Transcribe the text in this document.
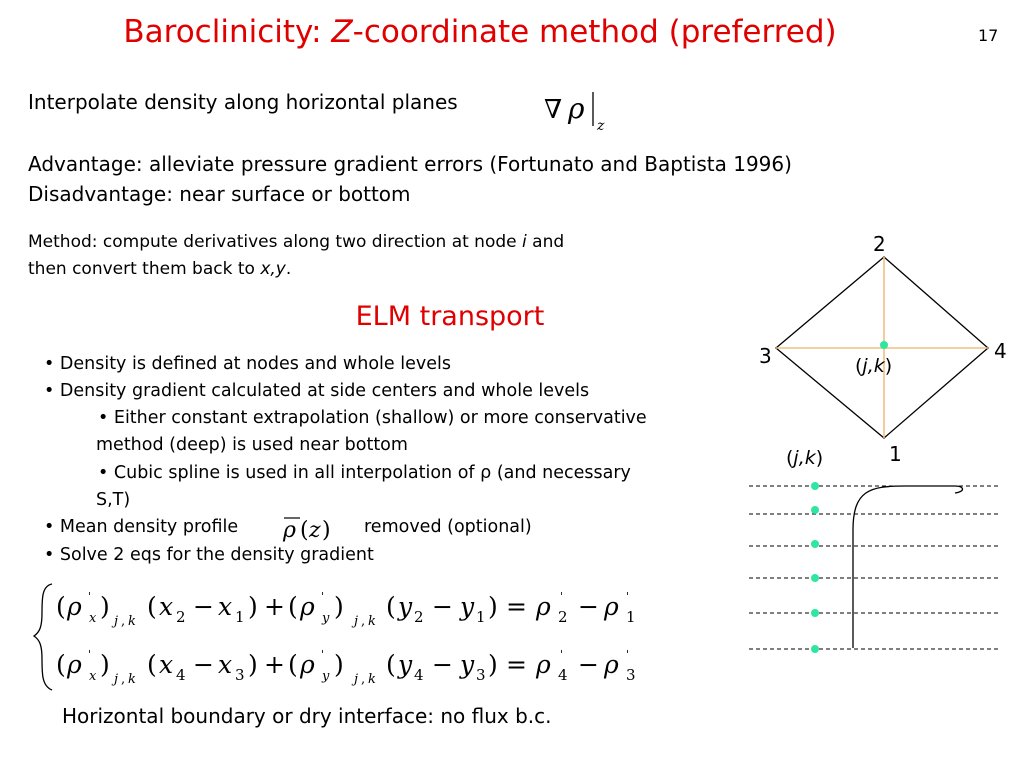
Baroclinicity: Z-coordinate method (preferred)	17
Interpolate density along horizontal planes	∇ ρ
z
Advantage: alleviate pressure gradient errors (Fortunato and Baptista 1996)
Disadvantage: near surface or bottom
Method: compute derivatives along two direction at node i and
then convert them back to x,y.
ELM transport
• Density is defined at nodes and whole levels
• Density gradient calculated at side centers and whole levels
• Either constant extrapolation (shallow) or more conservative
method (deep) is used near bottom
• Cubic spline is used in all interpolation of ρ (and necessary
S,T)
• Mean density profile ρ ( z ) removed (optional)
• Solve 2 eqs for the density gradient
( ρ '
x )
j , k
( x 2 − x 1 ) + ( ρ '
y )
j , k
( y 2 − y 1 ) = ρ '
2 − ρ '
1
( ρ '
x )
j , k
( x 4 − x 3 ) + ( ρ '
y )
j , k
( y 4 − y 3 ) = ρ '
4 − ρ '
3
Horizontal boundary or dry interface: no flux b.c.
2
3	4
1
(j,k)
(j,k)
